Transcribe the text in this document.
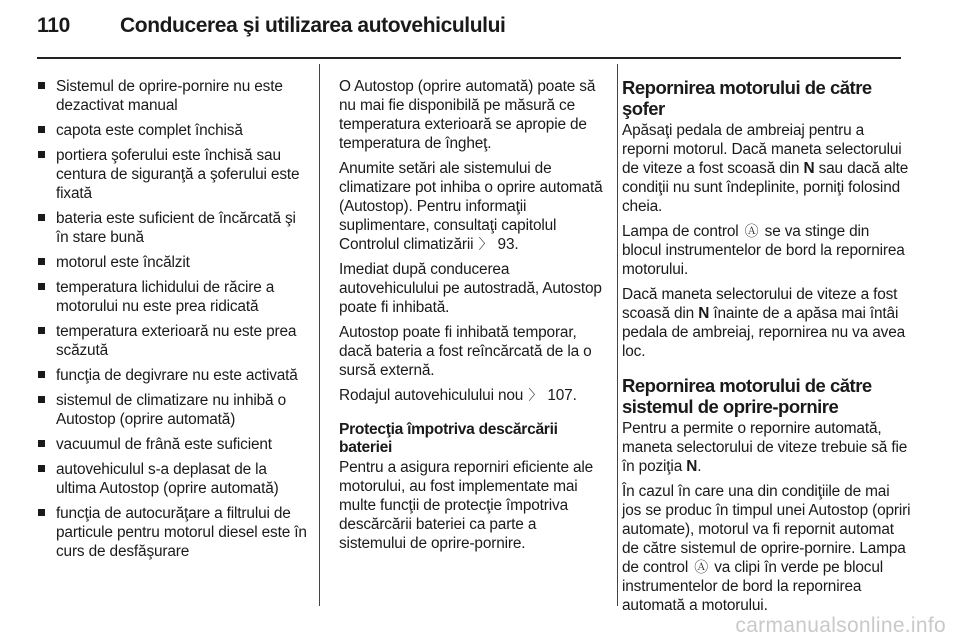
110 Conducerea şi utilizarea autovehiculului
Sistemul de oprire-pornire nu este dezactivat manual
capota este complet închisă
portiera şoferului este închisă sau centura de siguranţă a şoferului este fixată
bateria este suficient de încărcată şi în stare bună
motorul este încălzit
temperatura lichidului de răcire a motorului nu este prea ridicată
temperatura exterioară nu este prea scăzută
funcţia de degivrare nu este activată
sistemul de climatizare nu inhibă o Autostop (oprire automată)
vacuumul de frână este suficient
autovehiculul s-a deplasat de la ultima Autostop (oprire automată)
funcţia de autocurăţare a filtrului de particule pentru motorul diesel este în curs de desfăşurare

O Autostop (oprire automată) poate să nu mai fie disponibilă pe măsură ce temperatura exterioară se apropie de temperatura de îngheţ.

Anumite setări ale sistemului de climatizare pot inhiba o oprire automată (Autostop). Pentru informaţii suplimentare, consultaţi capitolul Controlul climatizării 〉 93.

Imediat după conducerea autovehiculului pe autostradă, Autostop poate fi inhibată.

Autostop poate fi inhibată temporar, dacă bateria a fost reîncărcată de la o sursă externă.

Rodajul autovehiculului nou 〉 107.

Protecţia împotriva descărcării bateriei

Pentru a asigura reporniri eficiente ale motorului, au fost implementate mai multe funcţii de protecţie împotriva descărcării bateriei ca parte a sistemului de oprire-pornire.

Repornirea motorului de către şofer

Apăsaţi pedala de ambreiaj pentru a reporni motorul. Dacă maneta selectorului de viteze a fost scoasă din N sau dacă alte condiţii nu sunt îndeplinite, porniţi folosind cheia.

Lampa de control Ⓐ se va stinge din blocul instrumentelor de bord la repornirea motorului.

Dacă maneta selectorului de viteze a fost scoasă din N înainte de a apăsa mai întâi pedala de ambreiaj, repornirea nu va avea loc.

Repornirea motorului de către sistemul de oprire-pornire

Pentru a permite o repornire automată, maneta selectorului de viteze trebuie să fie în poziţia N.

În cazul în care una din condiţiile de mai jos se produc în timpul unei Autostop (opriri automate), motorul va fi repornit automat de către sistemul de oprire-pornire. Lampa de control Ⓐ va clipi în verde pe blocul instrumentelor de bord la repornirea automată a motorului.

carmanualsonline.info
